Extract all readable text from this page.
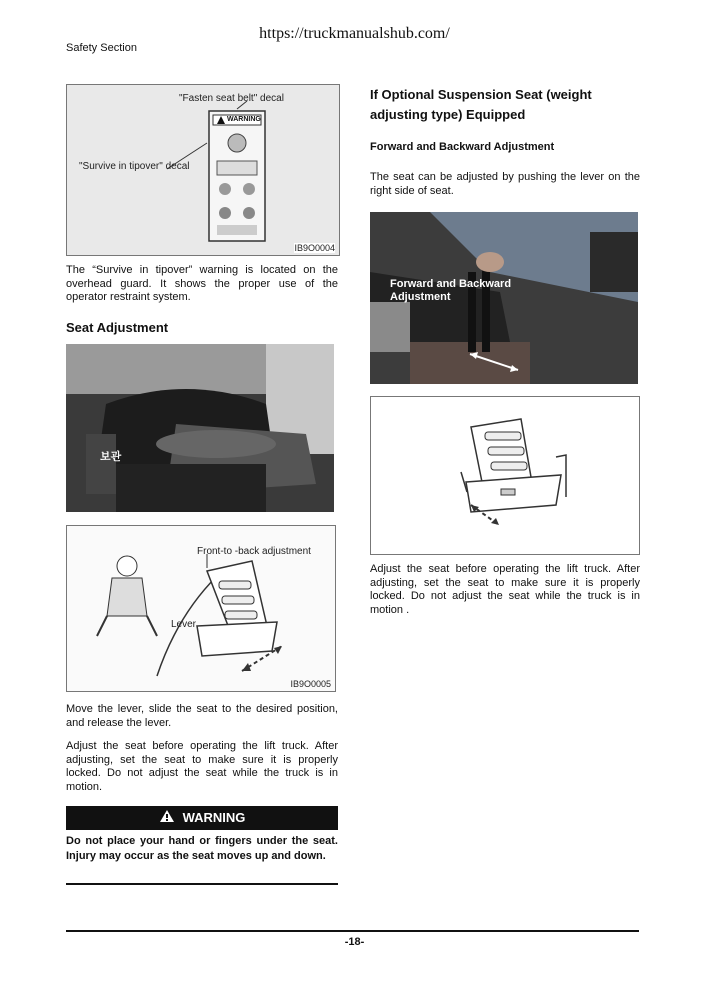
https://truckmanualshub.com/
Safety Section
"Fasten seat belt" decal
"Survive in tipover" decal
WARNING
IB9O0004
The “Survive in tipover” warning is located on the overhead guard. It shows the proper use of the operator restraint system.
Seat Adjustment
보관
Front-to -back adjustment
Lever
IB9O0005
Move the lever, slide the seat to the desired position, and release the lever.
Adjust the seat before operating the lift truck. After adjusting, set the seat to make sure it is properly locked. Do not adjust the seat while the truck is in motion.
WARNING
Do not place your hand or fingers under the seat. Injury may occur as the seat moves up and down.
If Optional Suspension Seat (weight adjusting type) Equipped
Forward and Backward Adjustment
The seat can be adjusted by pushing the lever on the right side of seat.
Forward and Backward Adjustment
Adjust the seat before operating the lift truck. After adjusting, set the seat to make sure it is properly locked. Do not adjust the seat while the truck is in motion .
-18-
